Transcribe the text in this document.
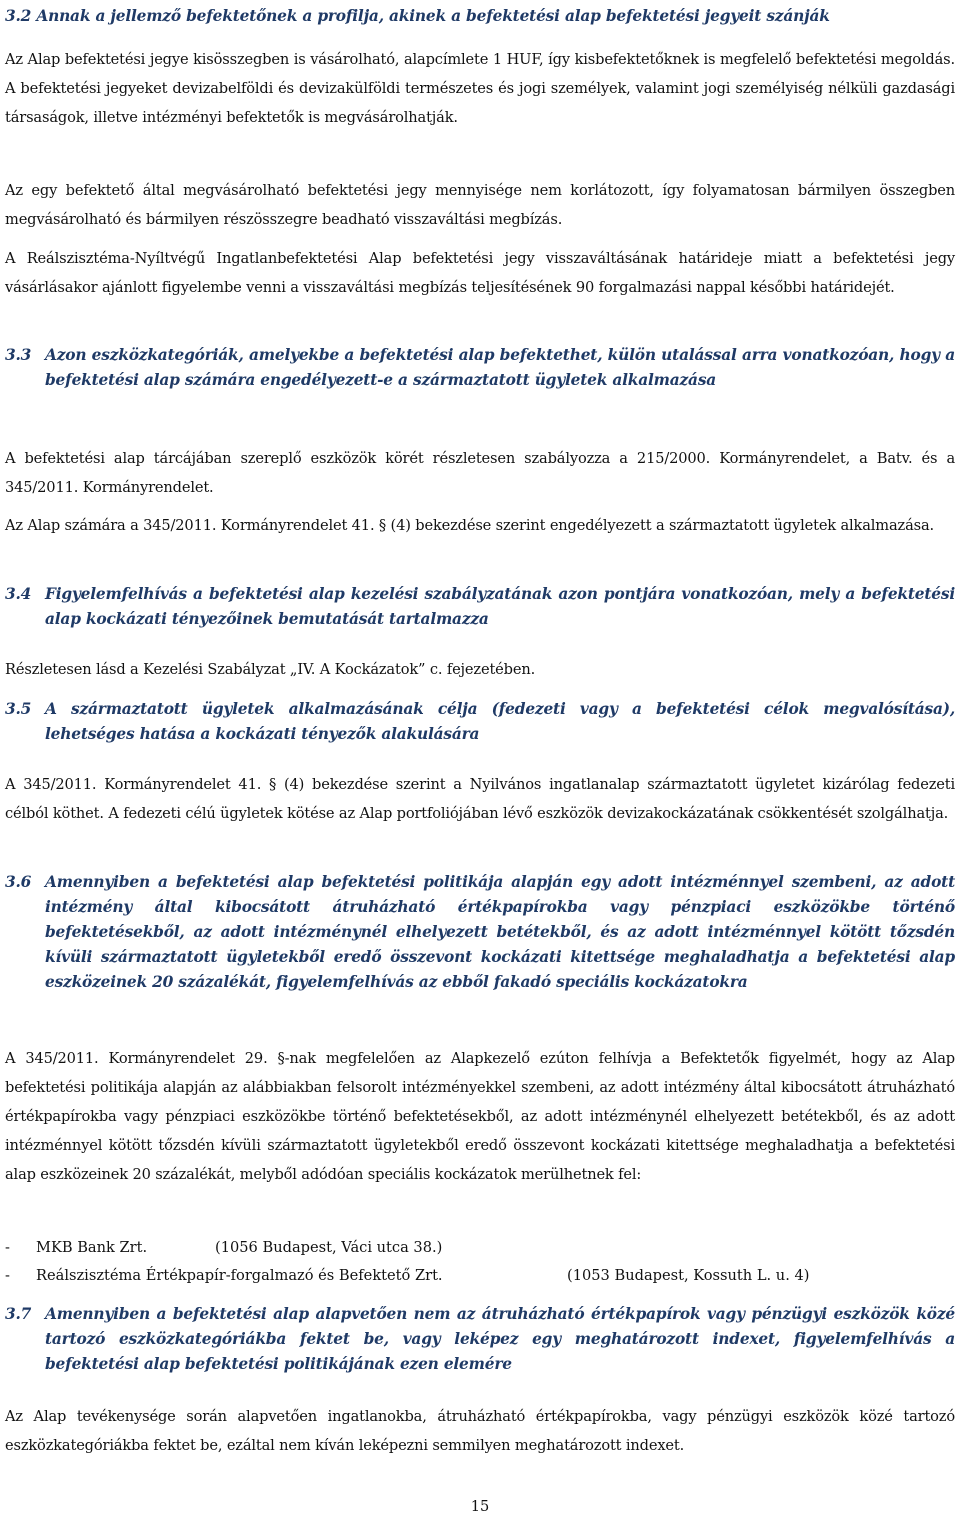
3.2 Annak a jellemző befektetőnek a profilja, akinek a befektetési alap befektetési jegyeit szánják

Az Alap befektetési jegye kisösszegben is vásárolható, alapcímlete 1 HUF, így kisbefektetőknek is megfelelő befektetési megoldás. A befektetési jegyeket devizabelföldi és devizakülföldi természetes és jogi személyek, valamint jogi személyiség nélküli gazdasági társaságok, illetve intézményi befektetők is megvásárolhatják.

Az egy befektető által megvásárolható befektetési jegy mennyisége nem korlátozott, így folyamatosan bármilyen összegben megvásárolható és bármilyen részösszegre beadható visszaváltási megbízás.

A Reálszisztéma-Nyíltvégű Ingatlanbefektetési Alap befektetési jegy visszaváltásának határideje miatt a befektetési jegy vásárlásakor ajánlott figyelembe venni a visszaváltási megbízás teljesítésének 90 forgalmazási nappal későbbi határidejét.

3.3 Azon eszközkategóriák, amelyekbe a befektetési alap befektethet, külön utalással arra vonatkozóan, hogy a befektetési alap számára engedélyezett-e a származtatott ügyletek alkalmazása

A befektetési alap tárcájában szereplő eszközök körét részletesen szabályozza a 215/2000. Kormányrendelet, a Batv. és a 345/2011. Kormányrendelet.

Az Alap számára a 345/2011. Kormányrendelet 41. § (4) bekezdése szerint engedélyezett a származtatott ügyletek alkalmazása.

3.4 Figyelemfelhívás a befektetési alap kezelési szabályzatának azon pontjára vonatkozóan, mely a befektetési alap kockázati tényezőinek bemutatását tartalmazza

Részletesen lásd a Kezelési Szabályzat „IV. A Kockázatok” c. fejezetében.

3.5 A származtatott ügyletek alkalmazásának célja (fedezeti vagy a befektetési célok megvalósítása), lehetséges hatása a kockázati tényezők alakulására

A 345/2011. Kormányrendelet 41. § (4) bekezdése szerint a Nyilvános ingatlanalap származtatott ügyletet kizárólag fedezeti célból köthet. A fedezeti célú ügyletek kötése az Alap portfoliójában lévő eszközök devizakockázatának csökkentését szolgálhatja.

3.6 Amennyiben a befektetési alap befektetési politikája alapján egy adott intézménnyel szembeni, az adott intézmény által kibocsátott átruházható értékpapírokba vagy pénzpiaci eszközökbe történő befektetésekből, az adott intézménynél elhelyezett betétekből, és az adott intézménnyel kötött tőzsdén kívüli származtatott ügyletekből eredő összevont kockázati kitettsége meghaladhatja a befektetési alap eszközeinek 20 százalékát, figyelemfelhívás az ebből fakadó speciális kockázatokra

A 345/2011. Kormányrendelet 29. §-nak megfelelően az Alapkezelő ezúton felhívja a Befektetők figyelmét, hogy az Alap befektetési politikája alapján az alábbiakban felsorolt intézményekkel szembeni, az adott intézmény által kibocsátott átruházható értékpapírokba vagy pénzpiaci eszközökbe történő befektetésekből, az adott intézménynél elhelyezett betétekből, és az adott intézménnyel kötött tőzsdén kívüli származtatott ügyletekből eredő összevont kockázati kitettsége meghaladhatja a befektetési alap eszközeinek 20 százalékát, melyből adódóan speciális kockázatok merülhetnek fel:

- MKB Bank Zrt.	(1056 Budapest, Váci utca 38.)
- Reálszisztéma Értékpapír-forgalmazó és Befektető Zrt.	(1053 Budapest, Kossuth L. u. 4)
3.7 Amennyiben a befektetési alap alapvetően nem az átruházható értékpapírok vagy pénzügyi eszközök közé tartozó eszközkategóriákba fektet be, vagy leképez egy meghatározott indexet, figyelemfelhívás a befektetési alap befektetési politikájának ezen elemére

Az Alap tevékenysége során alapvetően ingatlanokba, átruházható értékpapírokba, vagy pénzügyi eszközök közé tartozó eszközkategóriákba fektet be, ezáltal nem kíván leképezni semmilyen meghatározott indexet.

15
